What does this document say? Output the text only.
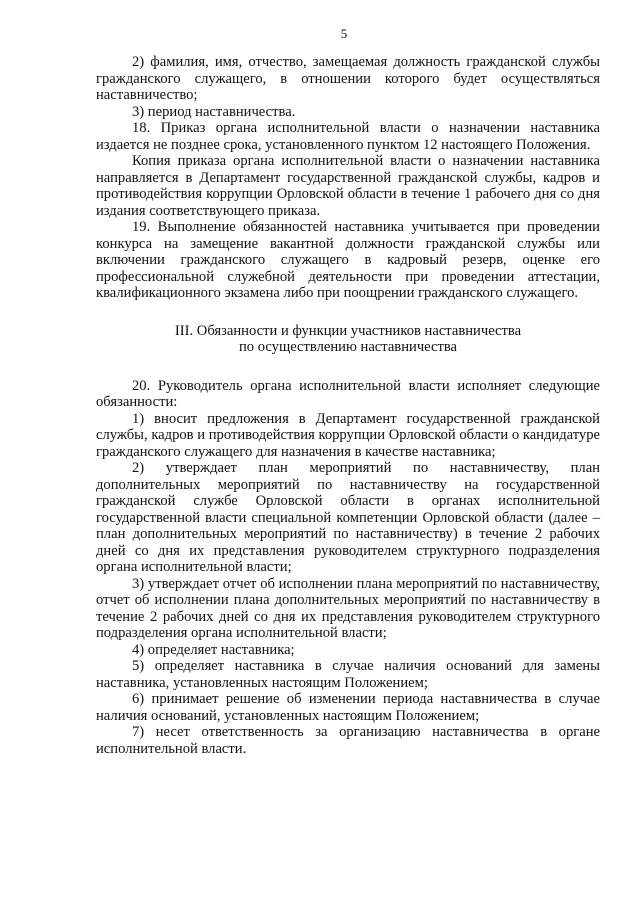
5

2) фамилия, имя, отчество, замещаемая должность гражданской службы гражданского служащего, в отношении которого будет осуществляться наставничество;

3) период наставничества.

18. Приказ органа исполнительной власти о назначении наставника издается не позднее срока, установленного пунктом 12 настоящего Положения.

Копия приказа органа исполнительной власти о назначении наставника направляется в Департамент государственной гражданской службы, кадров и противодействия коррупции Орловской области в течение 1 рабочего дня со дня издания соответствующего приказа.

19. Выполнение обязанностей наставника учитывается при проведении конкурса на замещение вакантной должности гражданской службы или включении гражданского служащего в кадровый резерв, оценке его профессиональной служебной деятельности при проведении аттестации, квалификационного экзамена либо при поощрении гражданского служащего.

III. Обязанности и функции участников наставничества

по осуществлению наставничества

20. Руководитель органа исполнительной власти исполняет следующие обязанности:

1) вносит предложения в Департамент государственной гражданской службы, кадров и противодействия коррупции Орловской области о кандидатуре гражданского служащего для назначения в качестве наставника;

2) утверждает план мероприятий по наставничеству, план дополнительных мероприятий по наставничеству на государственной гражданской службе Орловской области в органах исполнительной государственной власти специальной компетенции Орловской области (далее – план дополнительных мероприятий по наставничеству) в течение 2 рабочих дней со дня их представления руководителем структурного подразделения органа исполнительной власти;

3) утверждает отчет об исполнении плана мероприятий по наставничеству, отчет об исполнении плана дополнительных мероприятий по наставничеству в течение 2 рабочих дней со дня их представления руководителем структурного подразделения органа исполнительной власти;

4) определяет наставника;

5) определяет наставника в случае наличия оснований для замены наставника, установленных настоящим Положением;

6) принимает решение об изменении периода наставничества в случае наличия оснований, установленных настоящим Положением;

7) несет ответственность за организацию наставничества в органе исполнительной власти.
